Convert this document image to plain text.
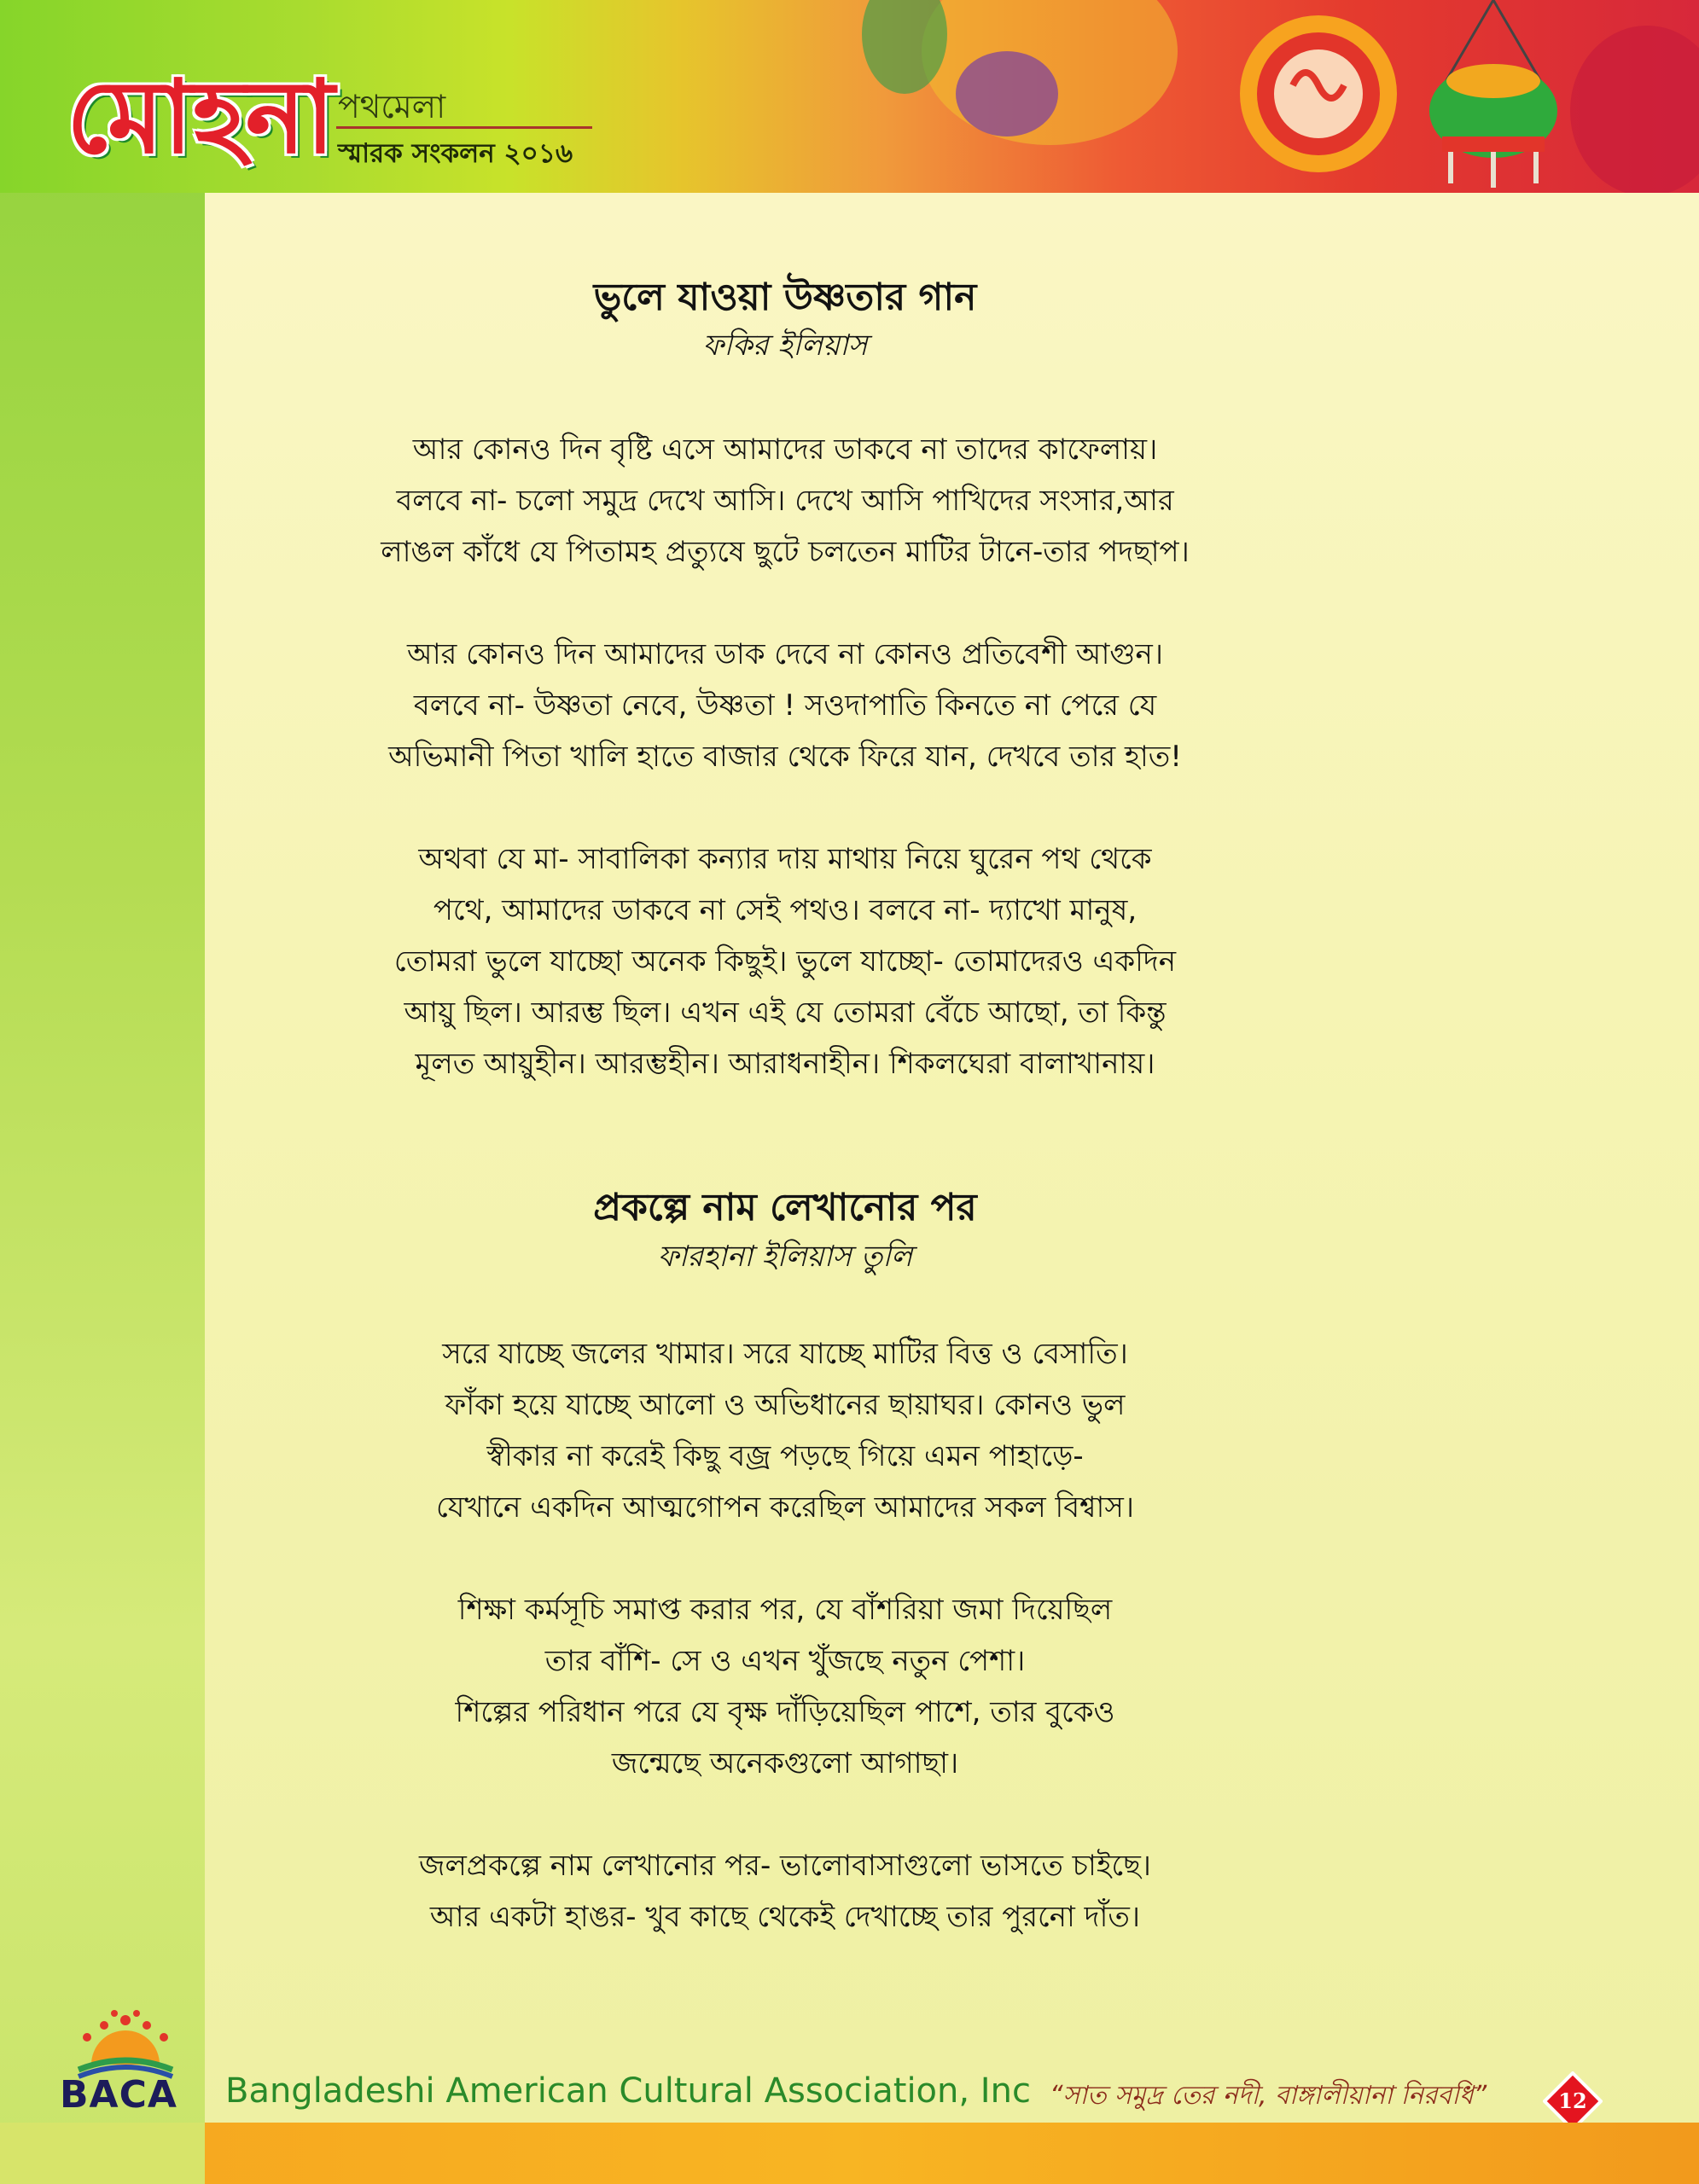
মোহনা পথমেলা
স্মারক সংকলন ২০১৬
ভুলে যাওয়া উষ্ণতার গান
ফকির ইলিয়াস

আর কোনও দিন বৃষ্টি এসে আমাদের ডাকবে না তাদের কাফেলায়।
বলবে না- চলো সমুদ্র দেখে আসি। দেখে আসি পাখিদের সংসার,আর
লাঙল কাঁধে যে পিতামহ প্রত্যুষে ছুটে চলতেন মাটির টানে-তার পদছাপ।

আর কোনও দিন আমাদের ডাক দেবে না কোনও প্রতিবেশী আগুন।
বলবে না- উষ্ণতা নেবে, উষ্ণতা ! সওদাপাতি কিনতে না পেরে যে
অভিমানী পিতা খালি হাতে বাজার থেকে ফিরে যান, দেখবে তার হাত!

অথবা যে মা- সাবালিকা কন্যার দায় মাথায় নিয়ে ঘুরেন পথ থেকে
পথে, আমাদের ডাকবে না সেই পথও। বলবে না- দ্যাখো মানুষ,
তোমরা ভুলে যাচ্ছো অনেক কিছুই। ভুলে যাচ্ছো- তোমাদেরও একদিন
আয়ু ছিল। আরম্ভ ছিল। এখন এই যে তোমরা বেঁচে আছো, তা কিন্তু
মূলত আয়ুহীন। আরম্ভহীন। আরাধনাহীন। শিকলঘেরা বালাখানায়।

প্রকল্পে নাম লেখানোর পর
ফারহানা ইলিয়াস তুলি

সরে যাচ্ছে জলের খামার। সরে যাচ্ছে মাটির বিত্ত ও বেসাতি।
ফাঁকা হয়ে যাচ্ছে আলো ও অভিধানের ছায়াঘর। কোনও ভুল
স্বীকার না করেই কিছু বজ্র পড়ছে গিয়ে এমন পাহাড়ে-
যেখানে একদিন আত্মগোপন করেছিল আমাদের সকল বিশ্বাস।

শিক্ষা কর্মসূচি সমাপ্ত করার পর, যে বাঁশরিয়া জমা দিয়েছিল
তার বাঁশি- সে ও এখন খুঁজছে নতুন পেশা।
শিল্পের পরিধান পরে যে বৃক্ষ দাঁড়িয়েছিল পাশে, তার বুকেও
জন্মেছে অনেকগুলো আগাছা।

জলপ্রকল্পে নাম লেখানোর পর- ভালোবাসাগুলো ভাসতে চাইছে।
আর একটা হাঙর- খুব কাছে থেকেই দেখাচ্ছে তার পুরনো দাঁত।

BACA Bangladeshi American Cultural Association, Inc “সাত সমুদ্র তের নদী, বাঙ্গালীয়ানা নিরবধি”	12
